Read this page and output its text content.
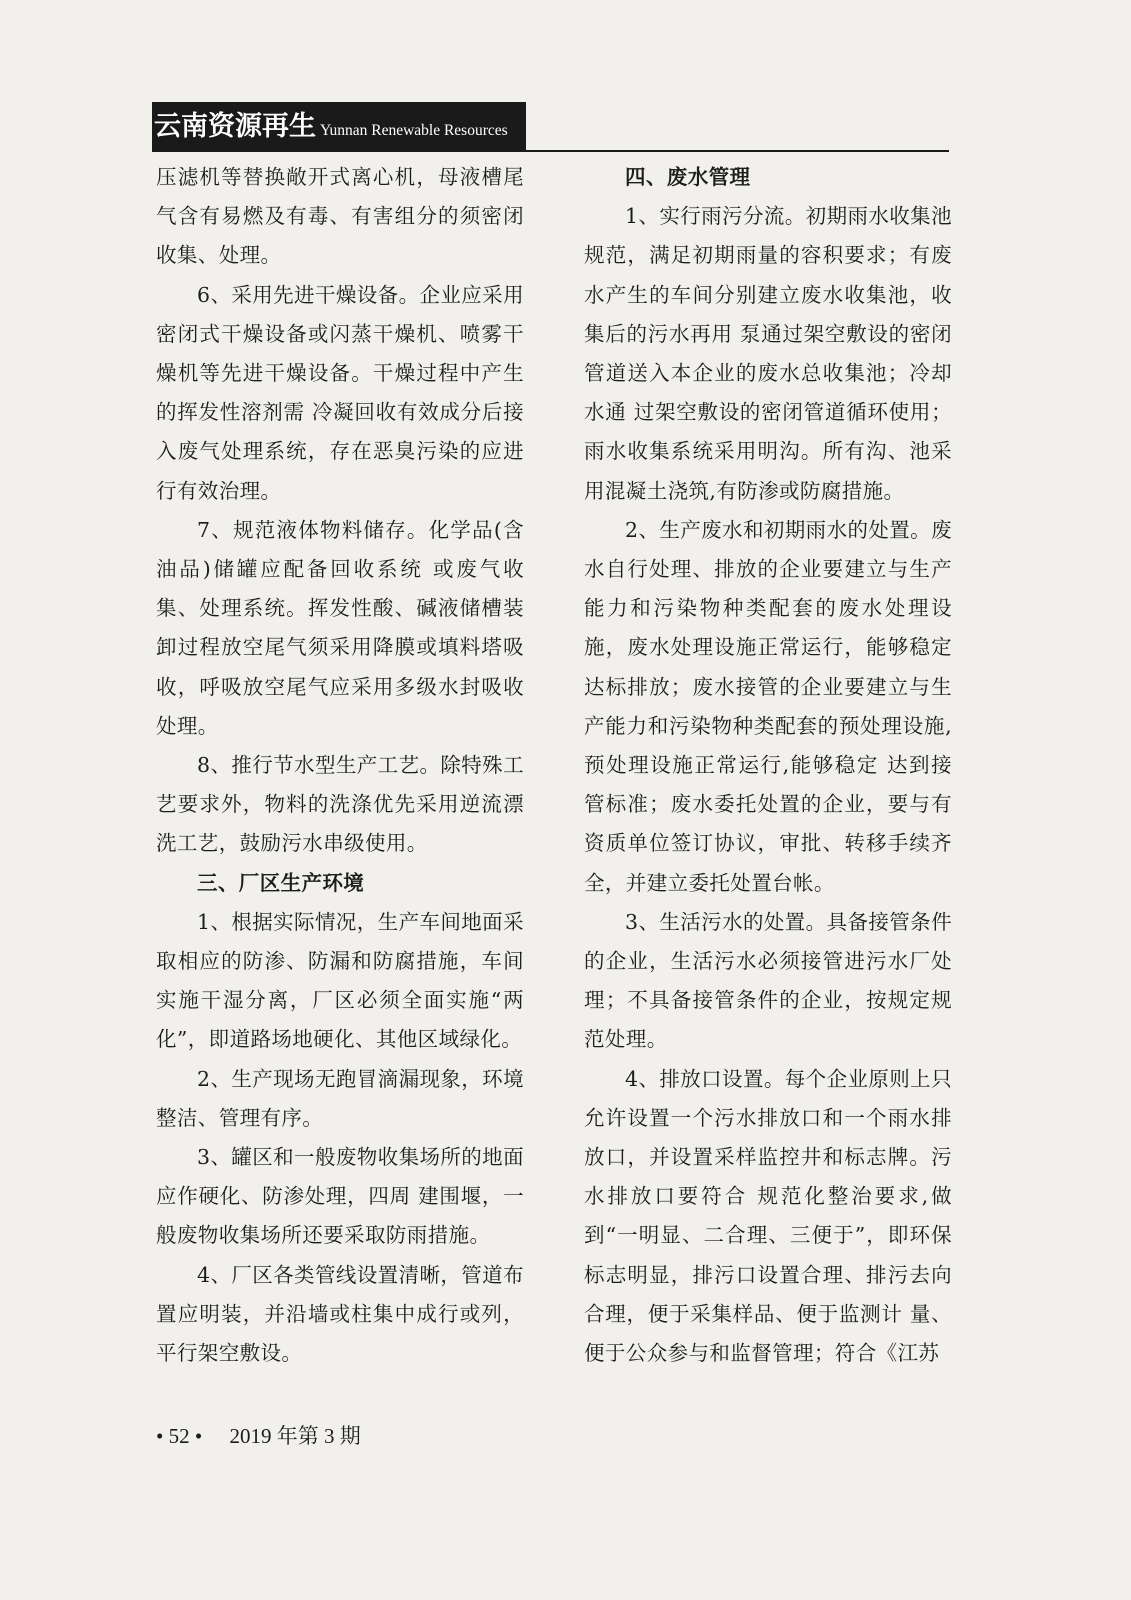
云南资源再生 Yunnan Renewable Resources

压滤机等替换敞开式离心机，母液槽尾气含有易燃及有毒、有害组分的须密闭收集、处理。

6、采用先进干燥设备。企业应采用密闭式干燥设备或闪蒸干燥机、喷雾干燥机等先进干燥设备。干燥过程中产生的挥发性溶剂需 冷凝回收有效成分后接入废气处理系统，存在恶臭污染的应进行有效治理。

7、规范液体物料储存。化学品(含油品)储罐应配备回收系统 或废气收集、处理系统。挥发性酸、碱液储槽装卸过程放空尾气须采用降膜或填料塔吸收，呼吸放空尾气应采用多级水封吸收处理。

8、推行节水型生产工艺。除特殊工艺要求外，物料的洗涤优先采用逆流漂洗工艺，鼓励污水串级使用。

三、厂区生产环境

1、根据实际情况，生产车间地面采取相应的防渗、防漏和防腐措施，车间实施干湿分离，厂区必须全面实施“两化”，即道路场地硬化、其他区域绿化。

2、生产现场无跑冒滴漏现象，环境整洁、管理有序。

3、罐区和一般废物收集场所的地面应作硬化、防渗处理，四周 建围堰，一般废物收集场所还要采取防雨措施。

4、厂区各类管线设置清晰，管道布置应明装，并沿墙或柱集中成行或列，平行架空敷设。

四、废水管理

1、实行雨污分流。初期雨水收集池规范，满足初期雨量的容积要求；有废水产生的车间分别建立废水收集池，收集后的污水再用 泵通过架空敷设的密闭管道送入本企业的废水总收集池；冷却水通 过架空敷设的密闭管道循环使用；雨水收集系统采用明沟。所有沟、池采用混凝土浇筑,有防渗或防腐措施。

2、生产废水和初期雨水的处置。废水自行处理、排放的企业要建立与生产能力和污染物种类配套的废水处理设施，废水处理设施正常运行，能够稳定达标排放；废水接管的企业要建立与生产能力和污染物种类配套的预处理设施,预处理设施正常运行,能够稳定 达到接管标准；废水委托处置的企业，要与有资质单位签订协议，审批、转移手续齐全，并建立委托处置台帐。

3、生活污水的处置。具备接管条件的企业，生活污水必须接管进污水厂处理；不具备接管条件的企业，按规定规范处理。

4、排放口设置。每个企业原则上只允许设置一个污水排放口和一个雨水排放口，并设置采样监控井和标志牌。污水排放口要符合 规范化整治要求,做到“一明显、二合理、三便于”，即环保标志明显，排污口设置合理、排污去向合理，便于采集样品、便于监测计 量、便于公众参与和监督管理；符合《江苏

• 52 • 2019 年第 3 期
